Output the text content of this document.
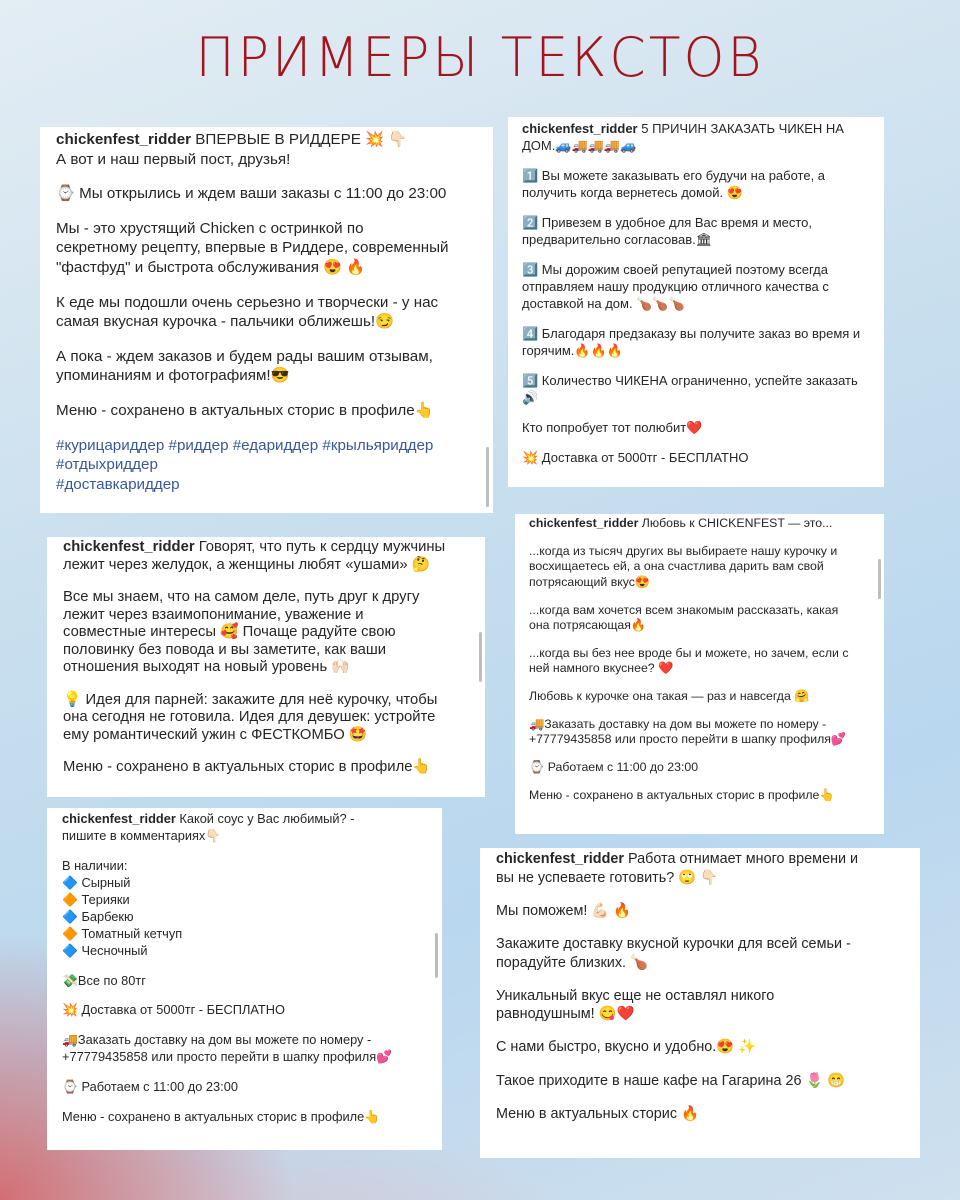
ПРИМЕРЫ ТЕКСТОВ
chickenfest_ridder ВПЕРВЫЕ В РИДДЕРЕ 💥 👇🏻
А вот и наш первый пост, друзья!
⌚ Мы открылись и ждем ваши заказы с 11:00 до 23:00
Мы - это хрустящий Chicken с остринкой по
секретному рецепту, впервые в Риддере, современный
"фастфуд" и быстрота обслуживания 😍 🔥
К еде мы подошли очень серьезно и творчески - у нас
самая вкусная курочка - пальчики оближешь!😏
А пока - ждем заказов и будем рады вашим отзывам,
упоминаниям и фотографиям!😎
Меню - сохранено в актуальных сторис в профиле👆
#курицариддер #риддер #едариддер #крыльяриддер
#отдыхриддер
#доставкариддер
chickenfest_ridder 5 ПРИЧИН ЗАКАЗАТЬ ЧИКЕН НА
ДОМ.🚙🚚🚚🚚🚙
1️⃣ Вы можете заказывать его будучи на работе, а
получить когда вернетесь домой. 😍
2️⃣ Привезем в удобное для Вас время и место,
предварительно согласовав.🏛
3️⃣ Мы дорожим своей репутацией поэтому всегда
отправляем нашу продукцию отличного качества с
доставкой на дом. 🍗🍗🍗
4️⃣ Благодаря предзаказу вы получите заказ во время и
горячим.🔥🔥🔥
5️⃣ Количество ЧИКЕНА ограниченно, успейте заказать
🔊
Кто попробует тот полюбит❤️
💥 Доставка от 5000тг - БЕСПЛАТНО
chickenfest_ridder Говорят, что путь к сердцу мужчины
лежит через желудок, а женщины любят «ушами» 🤔
Все мы знаем, что на самом деле, путь друг к другу
лежит через взаимопонимание, уважение и
совместные интересы 🥰 Почаще радуйте свою
половинку без повода и вы заметите, как ваши
отношения выходят на новый уровень 🙌🏻
💡 Идея для парней: закажите для неё курочку, чтобы
она сегодня не готовила. Идея для девушек: устройте
ему романтический ужин с ФЕСТКОМБО 🤩
Меню - сохранено в актуальных сторис в профиле👆
chickenfest_ridder Любовь к CHICKENFEST — это...
...когда из тысяч других вы выбираете нашу курочку и
восхищаетесь ей, а она счастлива дарить вам свой
потрясающий вкус😍
...когда вам хочется всем знакомым рассказать, какая
она потрясающая🔥
...когда вы без нее вроде бы и можете, но зачем, если с
ней намного вкуснее? ❤️
Любовь к курочке она такая — раз и навсегда 🤗
🚚Заказать доставку на дом вы можете по номеру -
+77779435858 или просто перейти в шапку профиля💕
⌚ Работаем с 11:00 до 23:00
Меню - сохранено в актуальных сторис в профиле👆
chickenfest_ridder Какой соус у Вас любимый? -
пишите в комментариях👇🏻
В наличии:
🔷 Сырный
🔶 Терияки
🔷 Барбекю
🔶 Томатный кетчуп
🔷 Чесночный
💸Все по 80тг
💥 Доставка от 5000тг - БЕСПЛАТНО
🚚Заказать доставку на дом вы можете по номеру -
+77779435858 или просто перейти в шапку профиля💕
⌚ Работаем с 11:00 до 23:00
Меню - сохранено в актуальных сторис в профиле👆
chickenfest_ridder Работа отнимает много времени и
вы не успеваете готовить? 🙄 👇🏻
Мы поможем! 💪🏻 🔥
Закажите доставку вкусной курочки для всей семьи -
порадуйте близких. 🍗
Уникальный вкус еще не оставлял никого
равнодушным! 😋❤️
С нами быстро, вкусно и удобно.😍 ✨
Такое приходите в наше кафе на Гагарина 26 🌷 😁
Меню в актуальных сторис 🔥
